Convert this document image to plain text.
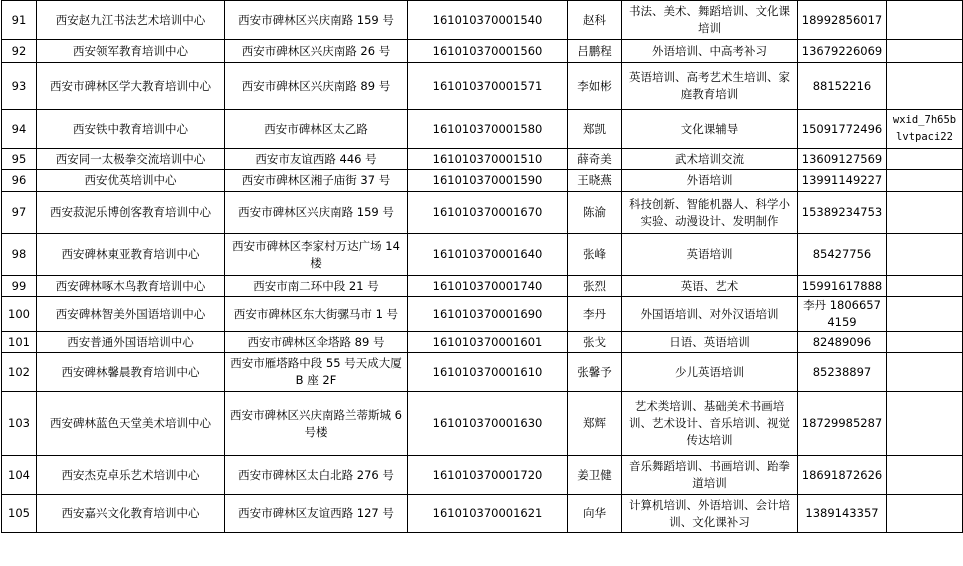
91	西安赵九江书法艺术培训中心	西安市碑林区兴庆南路 159 号	161010370001540	赵科	书法、美术、舞蹈培训、文化课培训	18992856017	
92	西安领军教育培训中心	西安市碑林区兴庆南路 26 号	161010370001560	吕鹏程	外语培训、中高考补习	13679226069	
93	西安市碑林区学大教育培训中心	西安市碑林区兴庆南路 89 号	161010370001571	李如彬	英语培训、高考艺术生培训、家庭教育培训	88152216	
94	西安铁中教育培训中心	西安市碑林区太乙路	161010370001580	郑凯	文化课辅导	15091772496	wxid_7h65blvtpaci22
95	西安同一太极拳交流培训中心	西安市友谊西路 446 号	161010370001510	薛奇美	武术培训交流	13609127569	
96	西安优英培训中心	西安市碑林区湘子庙街 37 号	161010370001590	王晓燕	外语培训	13991149227	
97	西安菽泥乐博创客教育培训中心	西安市碑林区兴庆南路 159 号	161010370001670	陈渝	科技创新、智能机器人、科学小实验、动漫设计、发明制作	15389234753	
98	西安碑林東亚教育培训中心	西安市碑林区李家村万达广场 14 楼	161010370001640	张峰	英语培训	85427756	
99	西安碑林啄木鸟教育培训中心	西安市南二环中段 21 号	161010370001740	张烈	英语、艺术	15991617888	
100	西安碑林智美外国语培训中心	西安市碑林区东大街骡马市 1 号	161010370001690	李丹	外国语培训、对外汉语培训	李丹 18066574159	
101	西安普通外国语培训中心	西安市碑林区伞塔路 89 号	161010370001601	张戈	日语、英语培训	82489096	
102	西安碑林馨晨教育培训中心	西安市雁塔路中段 55 号天成大厦 B 座 2F	161010370001610	张馨予	少儿英语培训	85238897	
103	西安碑林蓝色天堂美术培训中心	西安市碑林区兴庆南路兰蒂斯城 6 号楼	161010370001630	郑辉	艺术类培训、基础美术书画培训、艺术设计、音乐培训、视觉传达培训	18729985287	
104	西安杰克卓乐艺术培训中心	西安市碑林区太白北路 276 号	161010370001720	姜卫健	音乐舞蹈培训、书画培训、跆拳道培训	18691872626	
105	西安嘉兴文化教育培训中心	西安市碑林区友谊西路 127 号	161010370001621	向华	计算机培训、外语培训、会计培训、文化课补习	1389143357	
